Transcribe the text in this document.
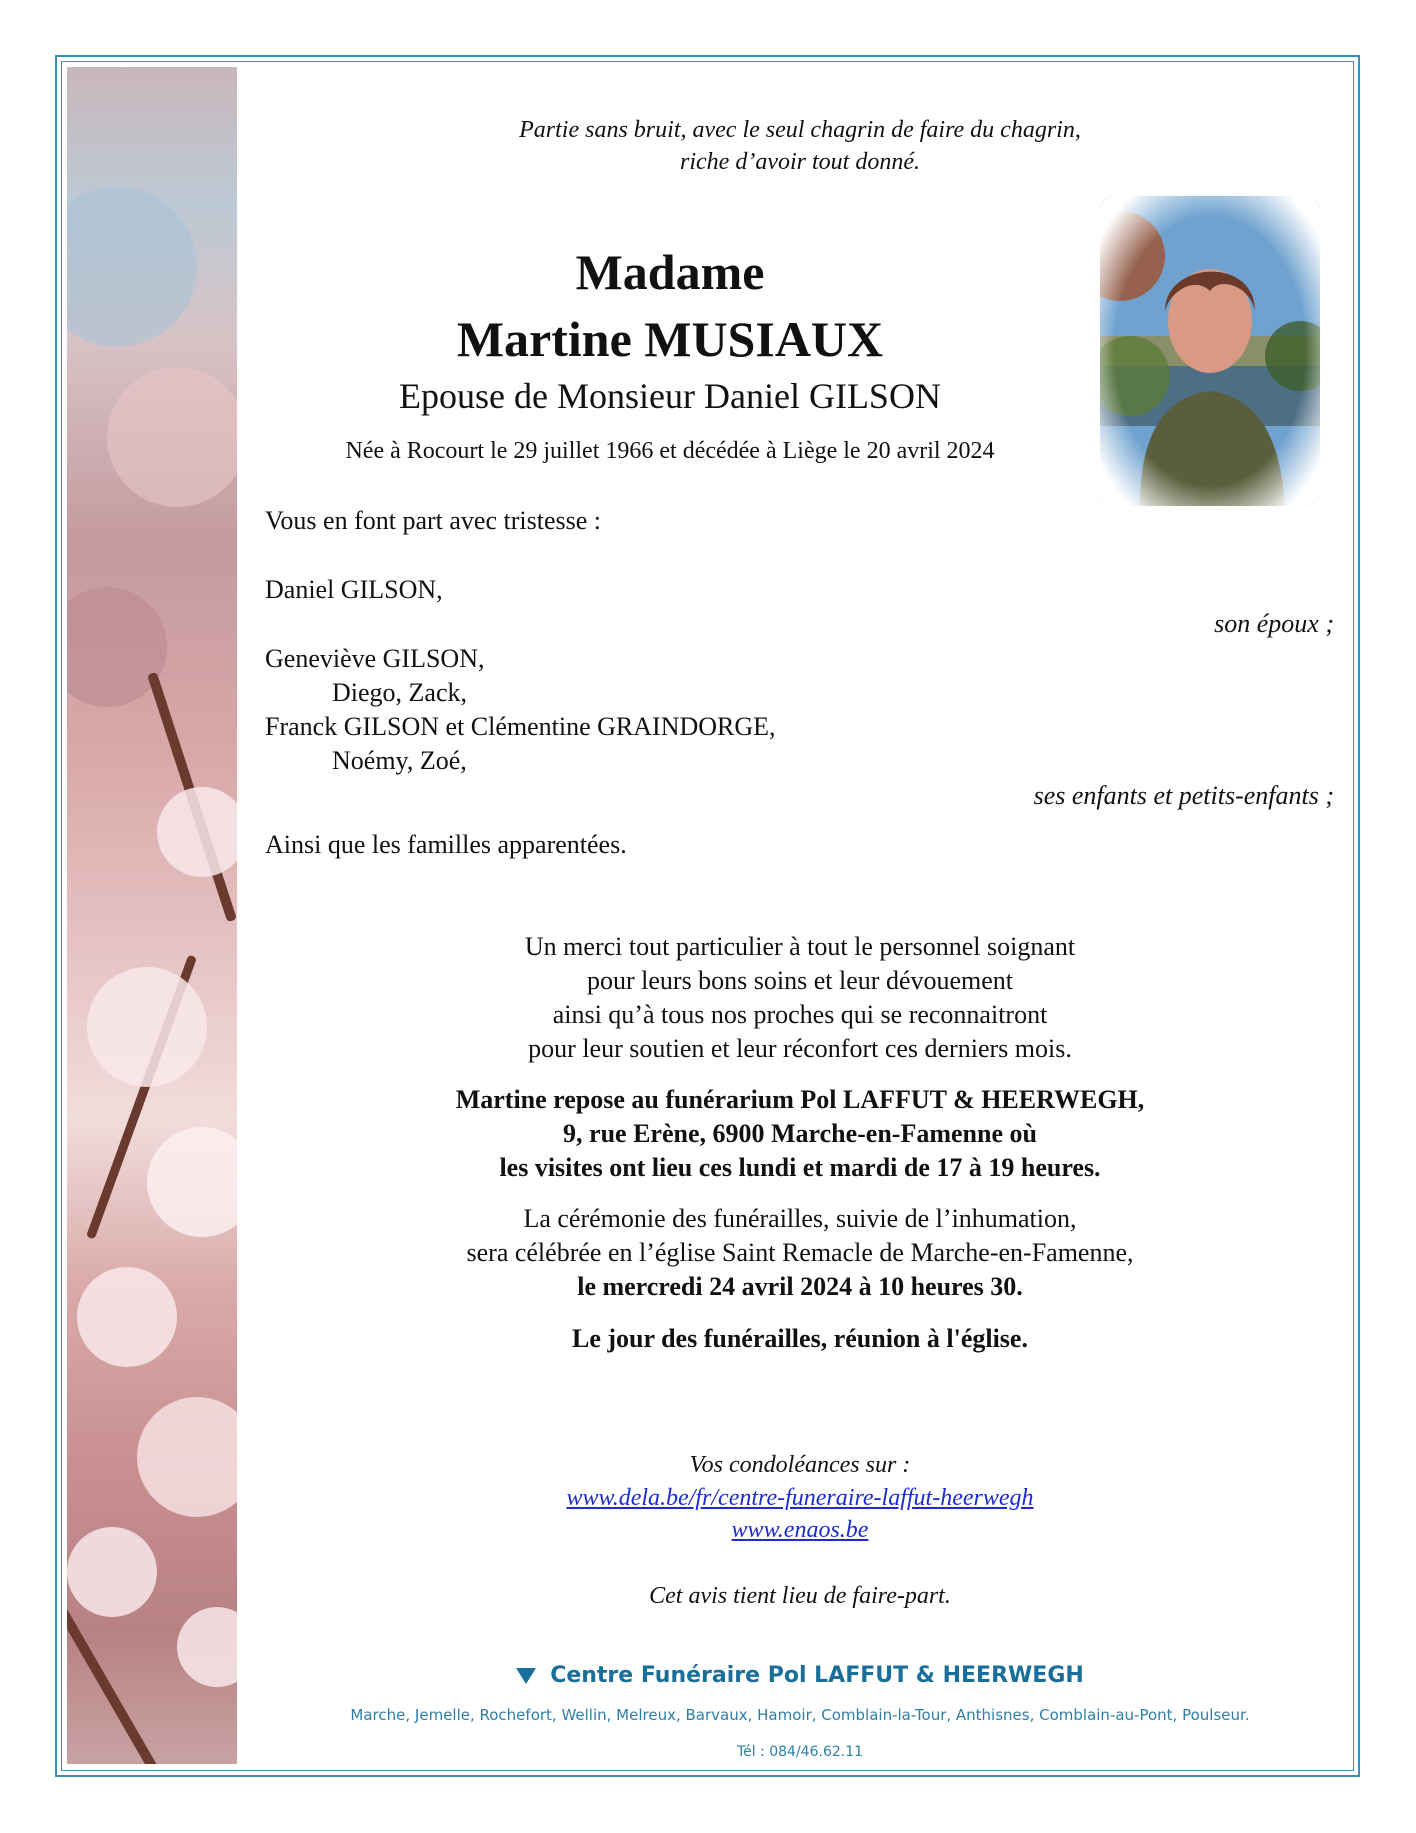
Partie sans bruit, avec le seul chagrin de faire du chagrin,
riche d’avoir tout donné.
Madame
Martine MUSIAUX
Epouse de Monsieur Daniel GILSON
Née à Rocourt le 29 juillet 1966 et décédée à Liège le 20 avril 2024
Vous en font part avec tristesse :
Daniel GILSON,
son époux ;
Geneviève GILSON,
Diego, Zack,
Franck GILSON et Clémentine GRAINDORGE,
Noémy, Zoé,
ses enfants et petits-enfants ;
Ainsi que les familles apparentées.
Un merci tout particulier à tout le personnel soignant
pour leurs bons soins et leur dévouement
ainsi qu’à tous nos proches qui se reconnaitront
pour leur soutien et leur réconfort ces derniers mois.
Martine repose au funérarium Pol LAFFUT & HEERWEGH,
9, rue Erène, 6900 Marche-en-Famenne où
les visites ont lieu ces lundi et mardi de 17 à 19 heures.
La cérémonie des funérailles, suivie de l’inhumation,
sera célébrée en l’église Saint Remacle de Marche-en-Famenne,
le mercredi 24 avril 2024 à 10 heures 30.
Le jour des funérailles, réunion à l'église.
Vos condoléances sur :
www.dela.be/fr/centre-funeraire-laffut-heerwegh
www.enaos.be
Cet avis tient lieu de faire-part.
Centre Funéraire Pol LAFFUT & HEERWEGH
Marche, Jemelle, Rochefort, Wellin, Melreux, Barvaux, Hamoir, Comblain-la-Tour, Anthisnes, Comblain-au-Pont, Poulseur.
Tél : 084/46.62.11
